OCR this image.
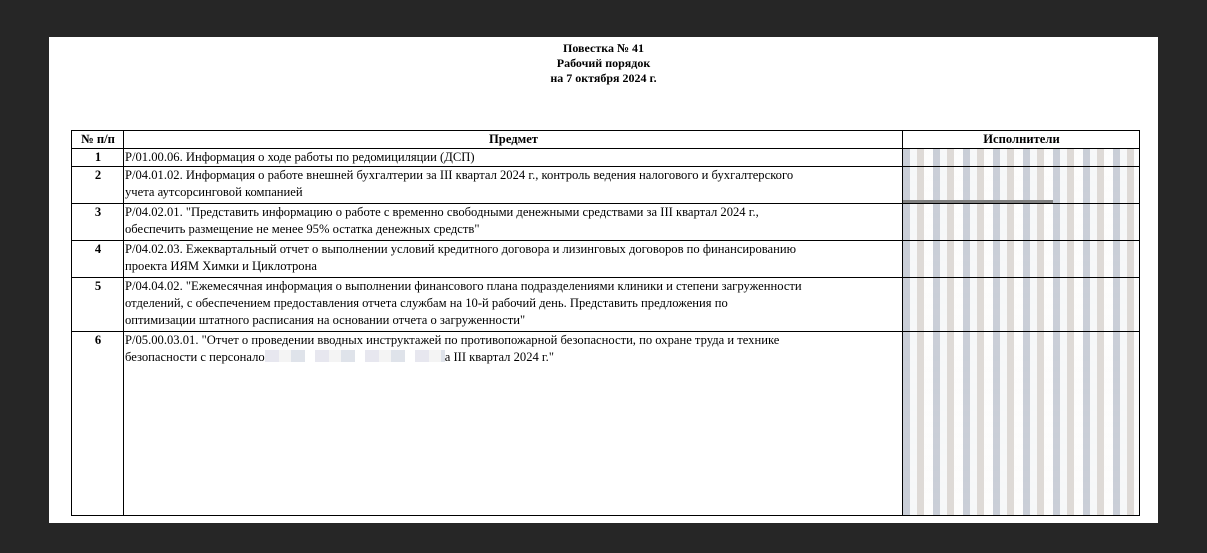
Повестка № 41
Рабочий порядок
на 7 октября 2024 г.
№ п/п	Предмет	Исполнители
1	Р/01.00.06. Информация о ходе работы по редомициляции (ДСП)	

2	Р/04.01.02. Информация о работе внешней бухгалтерии за III квартал 2024 г., контроль ведения налогового и бухгалтерского
учета аутсорсинговой компанией	

3	Р/04.02.01. "Представить информацию о работе с временно свободными денежными средствами за III квартал 2024 г.,
обеспечить размещение не менее 95% остатка денежных средств"	

4	Р/04.02.03. Ежеквартальный отчет о выполнении условий кредитного договора и лизинговых договоров по финансированию
проекта ИЯМ Химки и Циклотрона	

5	Р/04.04.02. "Ежемесячная информация о выполнении финансового плана подразделениями клиники и степени загруженности
отделений, с обеспечением предоставления отчета службам на 10-й рабочий день. Представить предложения по
оптимизации штатного расписания на основании отчета о загруженности"	

6	Р/05.00.03.01. "Отчет о проведении вводных инструктажей по противопожарной безопасности, по охране труда и технике
безопасности с персонало а III квартал 2024 г."	
